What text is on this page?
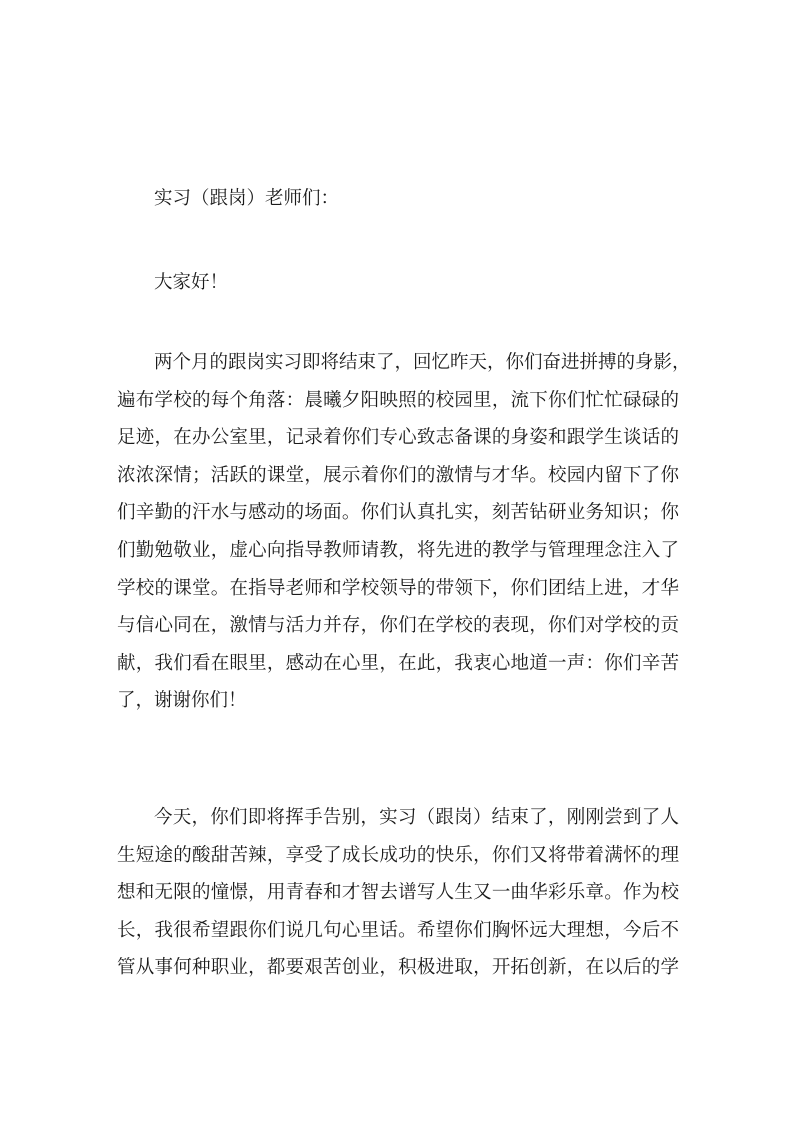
实习（跟岗）老师们：
大家好！
两个月的跟岗实习即将结束了，回忆昨天，你们奋进拼搏的身影，
遍布学校的每个角落：晨曦夕阳映照的校园里，流下你们忙忙碌碌的
足迹，在办公室里，记录着你们专心致志备课的身姿和跟学生谈话的
浓浓深情；活跃的课堂，展示着你们的激情与才华。校园内留下了你
们辛勤的汗水与感动的场面。你们认真扎实，刻苦钻研业务知识；你
们勤勉敬业，虚心向指导教师请教，将先进的教学与管理理念注入了
学校的课堂。在指导老师和学校领导的带领下，你们团结上进，才华
与信心同在，激情与活力并存，你们在学校的表现，你们对学校的贡
献，我们看在眼里，感动在心里，在此，我衷心地道一声：你们辛苦
了，谢谢你们！
今天，你们即将挥手告别，实习（跟岗）结束了，刚刚尝到了人
生短途的酸甜苦辣，享受了成长成功的快乐，你们又将带着满怀的理
想和无限的憧憬，用青春和才智去谱写人生又一曲华彩乐章。作为校
长，我很希望跟你们说几句心里话。希望你们胸怀远大理想，今后不
管从事何种职业，都要艰苦创业，积极进取，开拓创新，在以后的学
